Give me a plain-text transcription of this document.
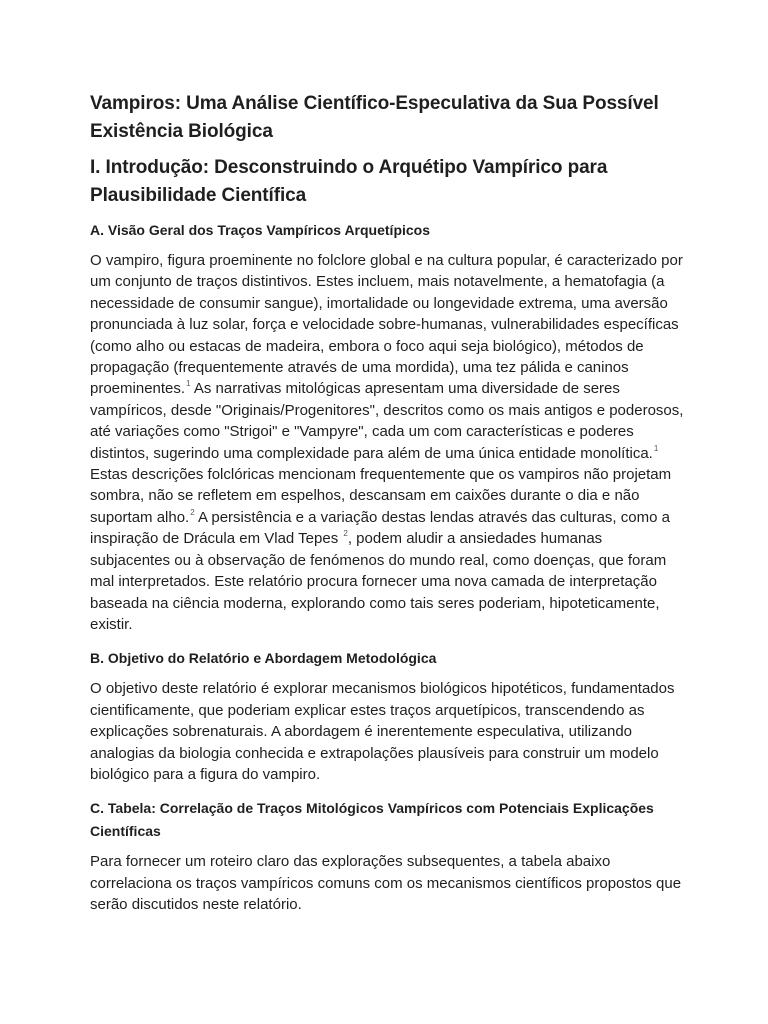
Vampiros: Uma Análise Científico-Especulativa da Sua Possível Existência Biológica
I. Introdução: Desconstruindo o Arquétipo Vampírico para Plausibilidade Científica
A. Visão Geral dos Traços Vampíricos Arquetípicos

O vampiro, figura proeminente no folclore global e na cultura popular, é caracterizado por um conjunto de traços distintivos. Estes incluem, mais notavelmente, a hematofagia (a necessidade de consumir sangue), imortalidade ou longevidade extrema, uma aversão pronunciada à luz solar, força e velocidade sobre-humanas, vulnerabilidades específicas (como alho ou estacas de madeira, embora o foco aqui seja biológico), métodos de propagação (frequentemente através de uma mordida), uma tez pálida e caninos proeminentes.$^1$ As narrativas mitológicas apresentam uma diversidade de seres vampíricos, desde "Originais/Progenitores", descritos como os mais antigos e poderosos, até variações como "Strigoi" e "Vampyre", cada um com características e poderes distintos, sugerindo uma complexidade para além de uma única entidade monolítica.$^1$ Estas descrições folclóricas mencionam frequentemente que os vampiros não projetam sombra, não se refletem em espelhos, descansam em caixões durante o dia e não suportam alho.$^2$ A persistência e a variação destas lendas através das culturas, como a inspiração de Drácula em Vlad Tepes $^2$, podem aludir a ansiedades humanas subjacentes ou à observação de fenómenos do mundo real, como doenças, que foram mal interpretados. Este relatório procura fornecer uma nova camada de interpretação baseada na ciência moderna, explorando como tais seres poderiam, hipoteticamente, existir.

B. Objetivo do Relatório e Abordagem Metodológica

O objetivo deste relatório é explorar mecanismos biológicos hipotéticos, fundamentados cientificamente, que poderiam explicar estes traços arquetípicos, transcendendo as explicações sobrenaturais. A abordagem é inerentemente especulativa, utilizando analogias da biologia conhecida e extrapolações plausíveis para construir um modelo biológico para a figura do vampiro.

C. Tabela: Correlação de Traços Mitológicos Vampíricos com Potenciais Explicações Científicas

Para fornecer um roteiro claro das explorações subsequentes, a tabela abaixo correlaciona os traços vampíricos comuns com os mecanismos científicos propostos que serão discutidos neste relatório.
